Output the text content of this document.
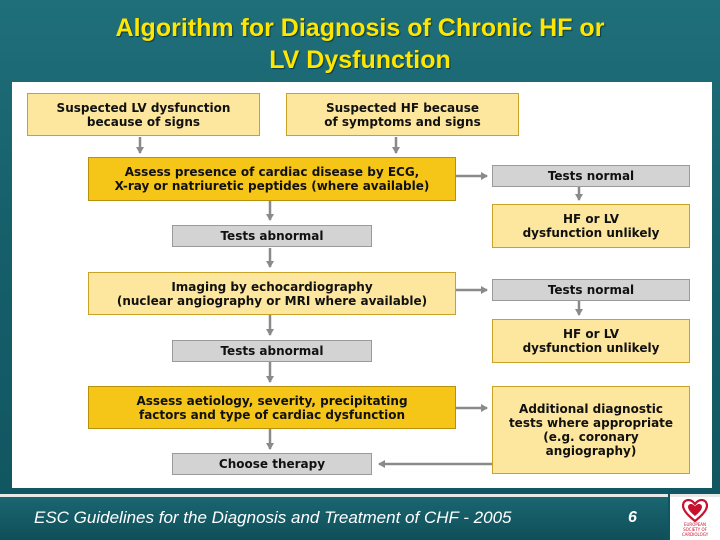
Algorithm for Diagnosis of Chronic HF or
LV Dysfunction
Suspected LV dysfunction
because of signs
Suspected HF because
of symptoms and signs
Assess presence of cardiac disease by ECG,
X-ray or natriuretic peptides (where available)
Tests normal
HF or LV
dysfunction unlikely
Tests abnormal
Imaging by echocardiography
(nuclear angiography or MRI where available)
Tests normal
HF or LV
dysfunction unlikely
Tests abnormal
Assess aetiology, severity, precipitating
factors and type of cardiac dysfunction	Additional diagnostic
tests where appropriate
(e.g. coronary
angiography)
Choose therapy
ESC Guidelines for the Diagnosis and Treatment of CHF - 2005	6	EUROPEAN
SOCIETY OF
CARDIOLOGY
